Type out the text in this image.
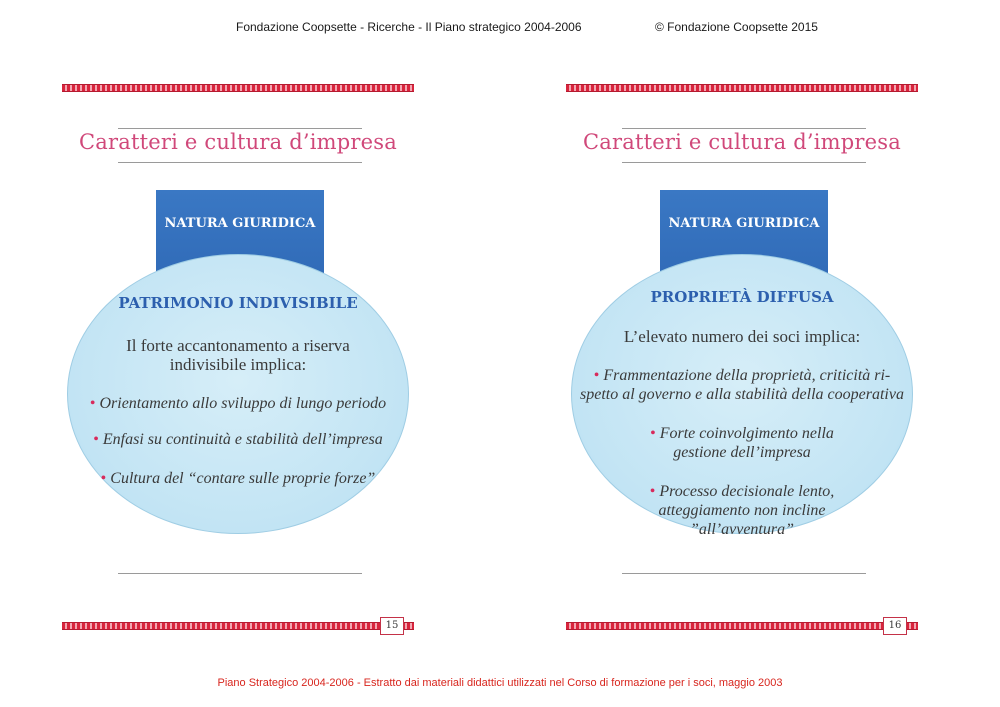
Fondazione Coopsette - Ricerche - Il Piano strategico 2004-2006	© Fondazione Coopsette 2015
Caratteri e cultura d’impresa
NATURA GIURIDICA
PATRIMONIO INDIVISIBILE
Il forte accantonamento a riserva
indivisibile implica:
• Orientamento allo sviluppo di lungo periodo
• Enfasi su continuità e stabilità dell’impresa
• Cultura del “contare sulle proprie forze”
15
Caratteri e cultura d’impresa
NATURA GIURIDICA
PROPRIETÀ DIFFUSA
L’elevato numero dei soci implica:
• Frammentazione della proprietà, criticità ri-
spetto al governo e alla stabilità della cooperativa
• Forte coinvolgimento nella
gestione dell’impresa
• Processo decisionale lento,
atteggiamento non incline
”all’avventura”
16
Piano Strategico 2004-2006 - Estratto dai materiali didattici utilizzati nel Corso di formazione per i soci, maggio 2003
